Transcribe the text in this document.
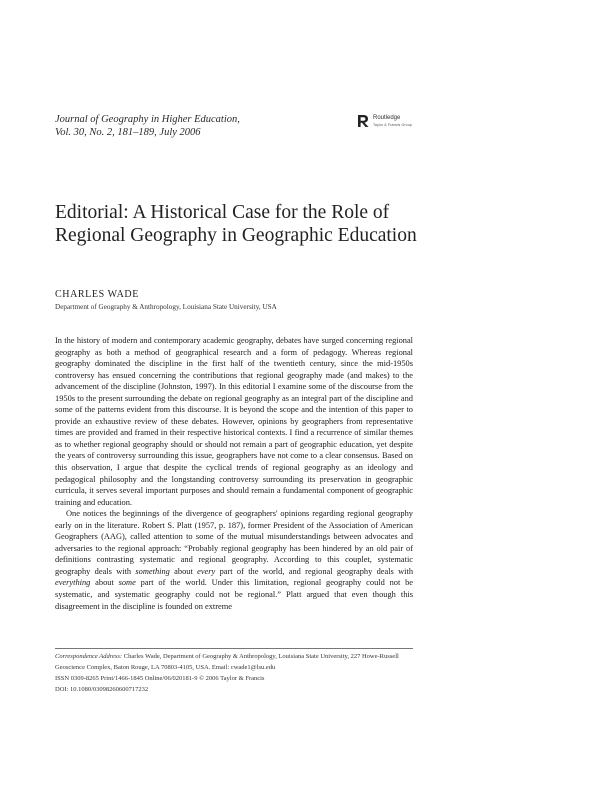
Journal of Geography in Higher Education,
Vol. 30, No. 2, 181–189, July 2006
Routledge
Taylor & Francis Group
Editorial: A Historical Case for the Role of Regional Geography in Geographic Education
CHARLES WADE
Department of Geography & Anthropology, Louisiana State University, USA

In the history of modern and contemporary academic geography, debates have surged concerning regional geography as both a method of geographical research and a form of pedagogy. Whereas regional geography dominated the discipline in the first half of the twentieth century, since the mid-1950s controversy has ensued concerning the contributions that regional geography made (and makes) to the advancement of the discipline (Johnston, 1997). In this editorial I examine some of the discourse from the 1950s to the present surrounding the debate on regional geography as an integral part of the discipline and some of the patterns evident from this discourse. It is beyond the scope and the intention of this paper to provide an exhaustive review of these debates. However, opinions by geographers from representative times are provided and framed in their respective historical contexts. I find a recurrence of similar themes as to whether regional geography should or should not remain a part of geographic education, yet despite the years of controversy surrounding this issue, geographers have not come to a clear consensus. Based on this observation, I argue that despite the cyclical trends of regional geography as an ideology and pedagogical philosophy and the longstanding controversy surrounding its preservation in geographic curricula, it serves several important purposes and should remain a fundamental component of geographic training and education.

One notices the beginnings of the divergence of geographers' opinions regarding regional geography early on in the literature. Robert S. Platt (1957, p. 187), former President of the Association of American Geographers (AAG), called attention to some of the mutual misunderstandings between advocates and adversaries to the regional approach: “Probably regional geography has been hindered by an old pair of definitions contrasting systematic and regional geography. According to this couplet, systematic geography deals with something about every part of the world, and regional geography deals with everything about some part of the world. Under this limitation, regional geography could not be systematic, and systematic geography could not be regional.” Platt argued that even though this disagreement in the discipline is founded on extreme

Correspondence Address: Charles Wade, Department of Geography & Anthropology, Louisiana State University, 227 Howe-Russell Geoscience Complex, Baton Rouge, LA 70803-4105, USA. Email: cwade1@lsu.edu
ISSN 0309-8265 Print/1466-1845 Online/06/020181-9 © 2006 Taylor & Francis
DOI: 10.1080/03098260600717232
